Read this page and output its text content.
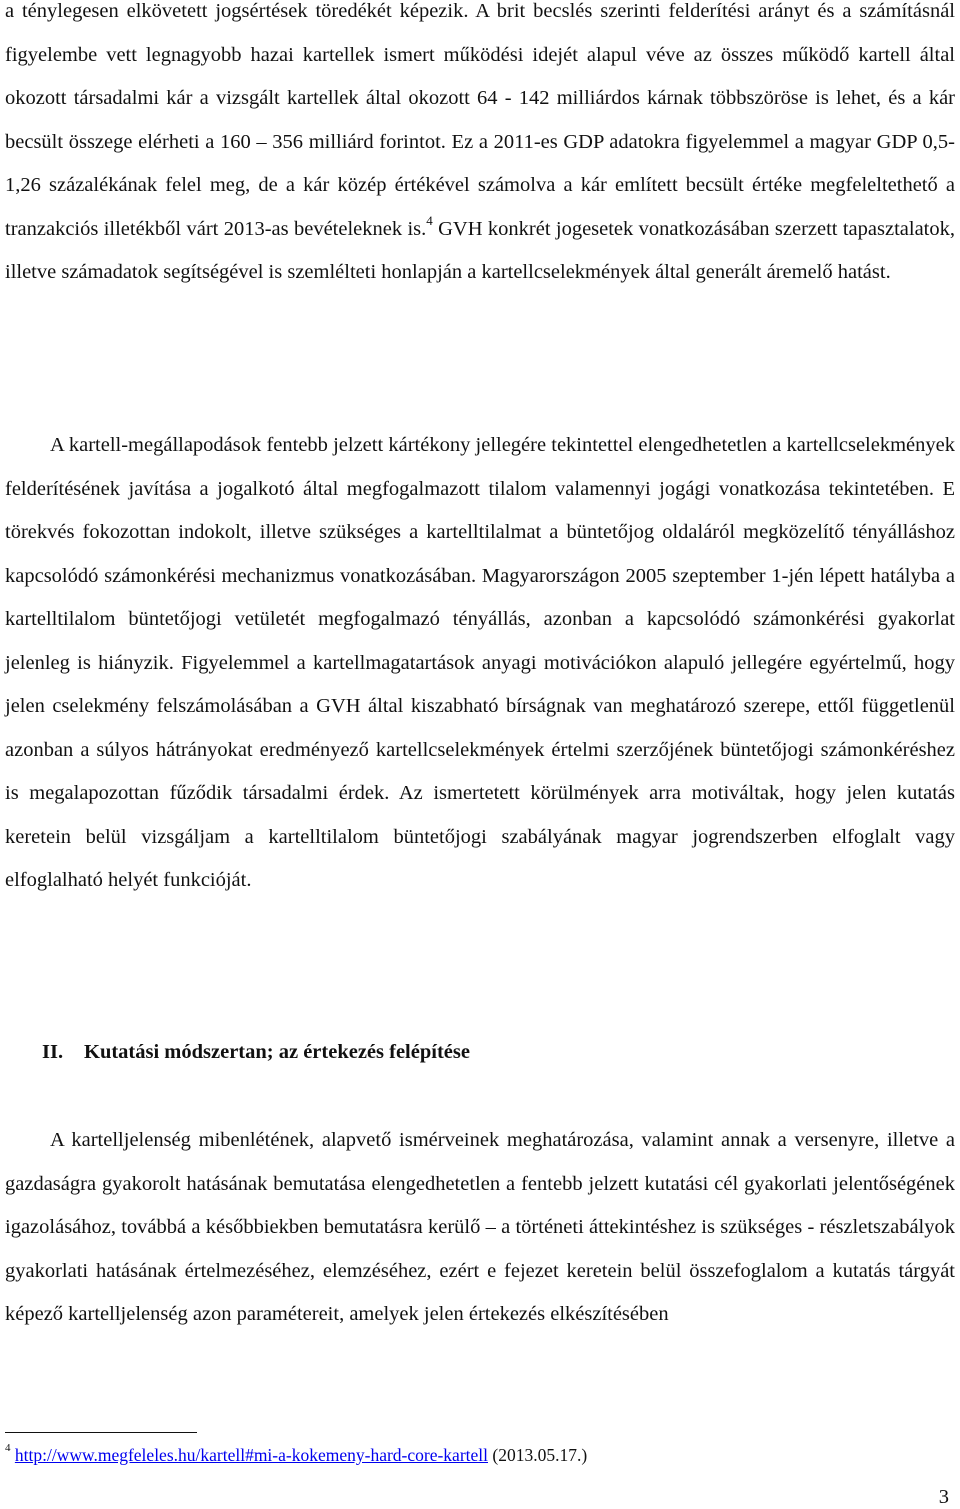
a ténylegesen elkövetett jogsértések töredékét képezik. A brit becslés szerinti felderítési arányt és a számításnál figyelembe vett legnagyobb hazai kartellek ismert működési idejét alapul véve az összes működő kartell által okozott társadalmi kár a vizsgált kartellek által okozott 64 - 142 milliárdos kárnak többszöröse is lehet, és a kár becsült összege elérheti a 160 – 356 milliárd forintot. Ez a 2011-es GDP adatokra figyelemmel a magyar GDP 0,5-1,26 százalékának felel meg, de a kár közép értékével számolva a kár említett becsült értéke megfeleltethető a tranzakciós illetékből várt 2013-as bevételeknek is.$^4$ GVH konkrét jogesetek vonatkozásában szerzett tapasztalatok, illetve számadatok segítségével is szemlélteti honlapján a kartellcselekmények által generált áremelő hatást.

A kartell-megállapodások fentebb jelzett kártékony jellegére tekintettel elengedhetetlen a kartellcselekmények felderítésének javítása a jogalkotó által megfogalmazott tilalom valamennyi jogági vonatkozása tekintetében. E törekvés fokozottan indokolt, illetve szükséges a kartelltilalmat a büntetőjog oldaláról megközelítő tényálláshoz kapcsolódó számonkérési mechanizmus vonatkozásában. Magyarországon 2005 szeptember 1-jén lépett hatályba a kartelltilalom büntetőjogi vetületét megfogalmazó tényállás, azonban a kapcsolódó számonkérési gyakorlat jelenleg is hiányzik. Figyelemmel a kartellmagatartások anyagi motivációkon alapuló jellegére egyértelmű, hogy jelen cselekmény felszámolásában a GVH által kiszabható bírságnak van meghatározó szerepe, ettől függetlenül azonban a súlyos hátrányokat eredményező kartellcselekmények értelmi szerzőjének büntetőjogi számonkéréshez is megalapozottan fűződik társadalmi érdek. Az ismertetett körülmények arra motiváltak, hogy jelen kutatás keretein belül vizsgáljam a kartelltilalom büntetőjogi szabályának magyar jogrendszerben elfoglalt vagy elfoglalható helyét funkcióját.

II. Kutatási módszertan; az értekezés felépítése

A kartelljelenség mibenlétének, alapvető ismérveinek meghatározása, valamint annak a versenyre, illetve a gazdaságra gyakorolt hatásának bemutatása elengedhetetlen a fentebb jelzett kutatási cél gyakorlati jelentőségének igazolásához, továbbá a későbbiekben bemutatásra kerülő – a történeti áttekintéshez is szükséges - részletszabályok gyakorlati hatásának értelmezéséhez, elemzéséhez, ezért e fejezet keretein belül összefoglalom a kutatás tárgyát képező kartelljelenség azon paramétereit, amelyek jelen értekezés elkészítésében

$^4$ http://www.megfeleles.hu/kartell#mi-a-kokemeny-hard-core-kartell (2013.05.17.)
3
